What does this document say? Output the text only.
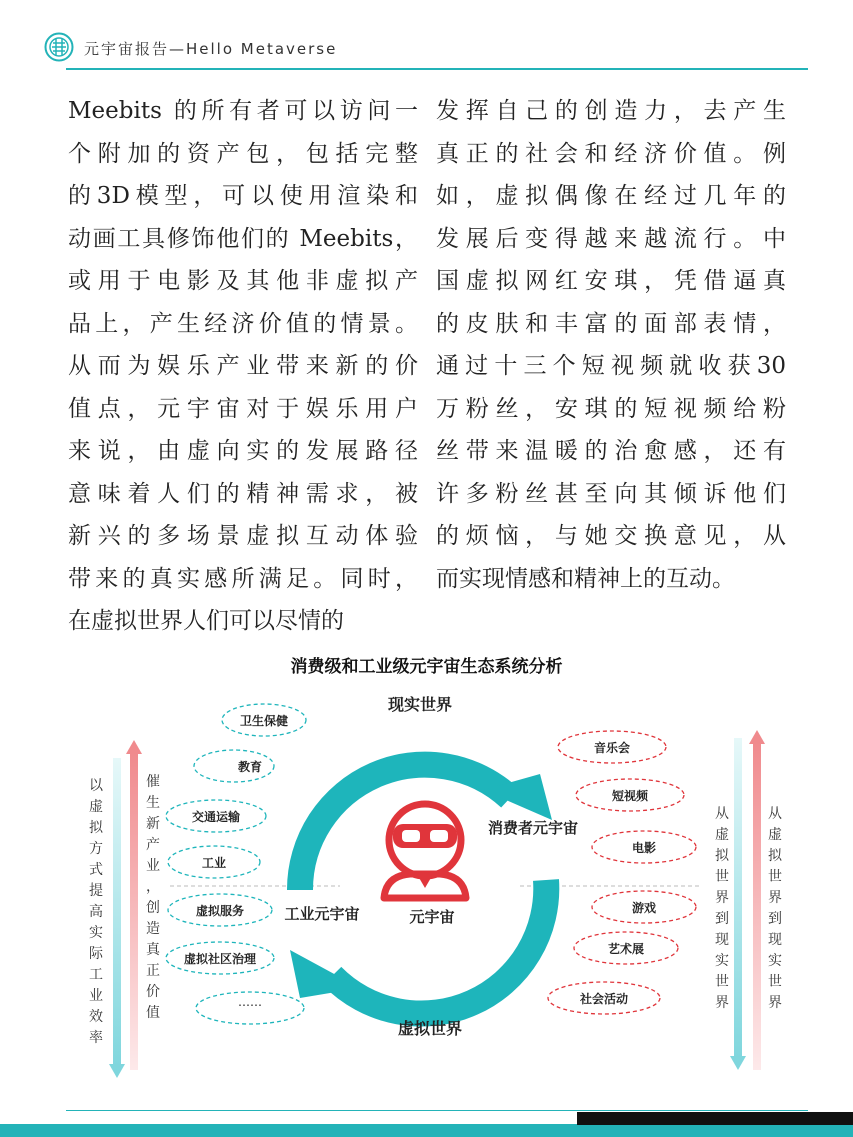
元宇宙报告—Hello Metaverse
Meebits 的所有者可以访问一
个附加的资产包，包括完整
的3D模型，可以使用渲染和
动画工具修饰他们的 Meebits，
或用于电影及其他非虚拟产
品上，产生经济价值的情景。
从而为娱乐产业带来新的价
值点，元宇宙对于娱乐用户
来说，由虚向实的发展路径
意味着人们的精神需求，被
新兴的多场景虚拟互动体验
带来的真实感所满足。同时，
在虚拟世界人们可以尽情的
发挥自己的创造力，去产生
真正的社会和经济价值。例
如，虚拟偶像在经过几年的
发展后变得越来越流行。中
国虚拟网红安琪，凭借逼真
的皮肤和丰富的面部表情，
通过十三个短视频就收获30
万粉丝，安琪的短视频给粉
丝带来温暖的治愈感，还有
许多粉丝甚至向其倾诉他们
的烦恼，与她交换意见，从
而实现情感和精神上的互动。
消费级和工业级元宇宙生态系统分析
以虚拟方式提高实际工业效率
催生新产业，创造真正价值
从虚拟世界到现实世界
从虚拟世界到现实世界
现实世界
虚拟世界
元宇宙
消费者元宇宙
工业元宇宙
卫生保健
教育
交通运输
工业
虚拟服务
虚拟社区治理
……
音乐会
短视频
电影
游戏
艺术展
社会活动
